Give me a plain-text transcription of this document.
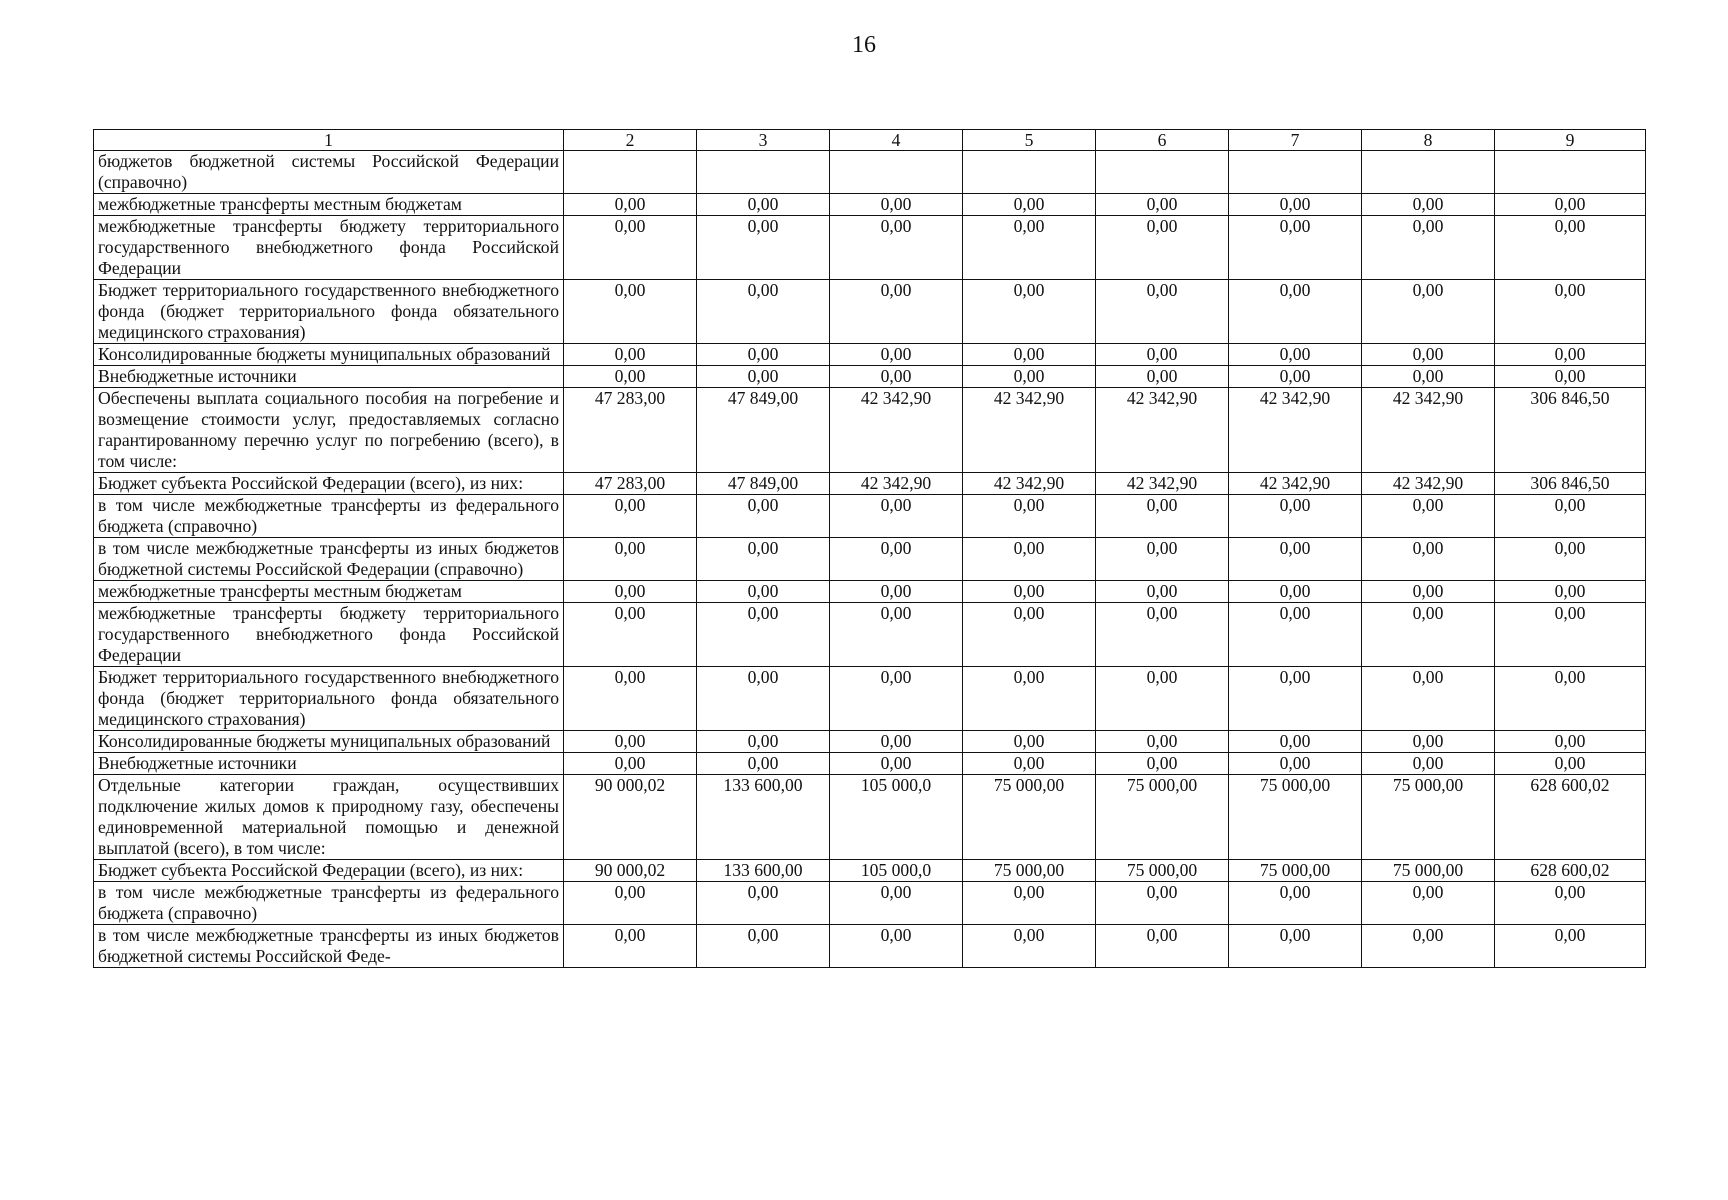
16
1	2	3	4	5	6	7	8	9
бюджетов бюджетной системы Российской Федерации (справочно)								
межбюджетные трансферты местным бюджетам	0,00	0,00	0,00	0,00	0,00	0,00	0,00	0,00
межбюджетные трансферты бюджету территориального государственного внебюджетного фонда Российской Федерации	0,00	0,00	0,00	0,00	0,00	0,00	0,00	0,00
Бюджет территориального государственного внебюджетного фонда (бюджет территориального фонда обязательного медицинского страхования)	0,00	0,00	0,00	0,00	0,00	0,00	0,00	0,00
Консолидированные бюджеты муниципальных образований	0,00	0,00	0,00	0,00	0,00	0,00	0,00	0,00
Внебюджетные источники	0,00	0,00	0,00	0,00	0,00	0,00	0,00	0,00
Обеспечены выплата социального пособия на погребение и возмещение стоимости услуг, предоставляемых согласно гарантированному перечню услуг по погребению (всего), в том числе:	47 283,00	47 849,00	42 342,90	42 342,90	42 342,90	42 342,90	42 342,90	306 846,50
Бюджет субъекта Российской Федерации (всего), из них:	47 283,00	47 849,00	42 342,90	42 342,90	42 342,90	42 342,90	42 342,90	306 846,50
в том числе межбюджетные трансферты из федерального бюджета (справочно)	0,00	0,00	0,00	0,00	0,00	0,00	0,00	0,00
в том числе межбюджетные трансферты из иных бюджетов бюджетной системы Российской Федерации (справочно)	0,00	0,00	0,00	0,00	0,00	0,00	0,00	0,00
межбюджетные трансферты местным бюджетам	0,00	0,00	0,00	0,00	0,00	0,00	0,00	0,00
межбюджетные трансферты бюджету территориального государственного внебюджетного фонда Российской Федерации	0,00	0,00	0,00	0,00	0,00	0,00	0,00	0,00
Бюджет территориального государственного внебюджетного фонда (бюджет территориального фонда обязательного медицинского страхования)	0,00	0,00	0,00	0,00	0,00	0,00	0,00	0,00
Консолидированные бюджеты муниципальных образований	0,00	0,00	0,00	0,00	0,00	0,00	0,00	0,00
Внебюджетные источники	0,00	0,00	0,00	0,00	0,00	0,00	0,00	0,00
Отдельные категории граждан, осуществивших подключение жилых домов к природному газу, обеспечены единовременной материальной помощью и денежной выплатой (всего), в том числе:	90 000,02	133 600,00	105 000,0	75 000,00	75 000,00	75 000,00	75 000,00	628 600,02
Бюджет субъекта Российской Федерации (всего), из них:	90 000,02	133 600,00	105 000,0	75 000,00	75 000,00	75 000,00	75 000,00	628 600,02
в том числе межбюджетные трансферты из федерального бюджета (справочно)	0,00	0,00	0,00	0,00	0,00	0,00	0,00	0,00
в том числе межбюджетные трансферты из иных бюджетов бюджетной системы Российской Феде-	0,00	0,00	0,00	0,00	0,00	0,00	0,00	0,00
